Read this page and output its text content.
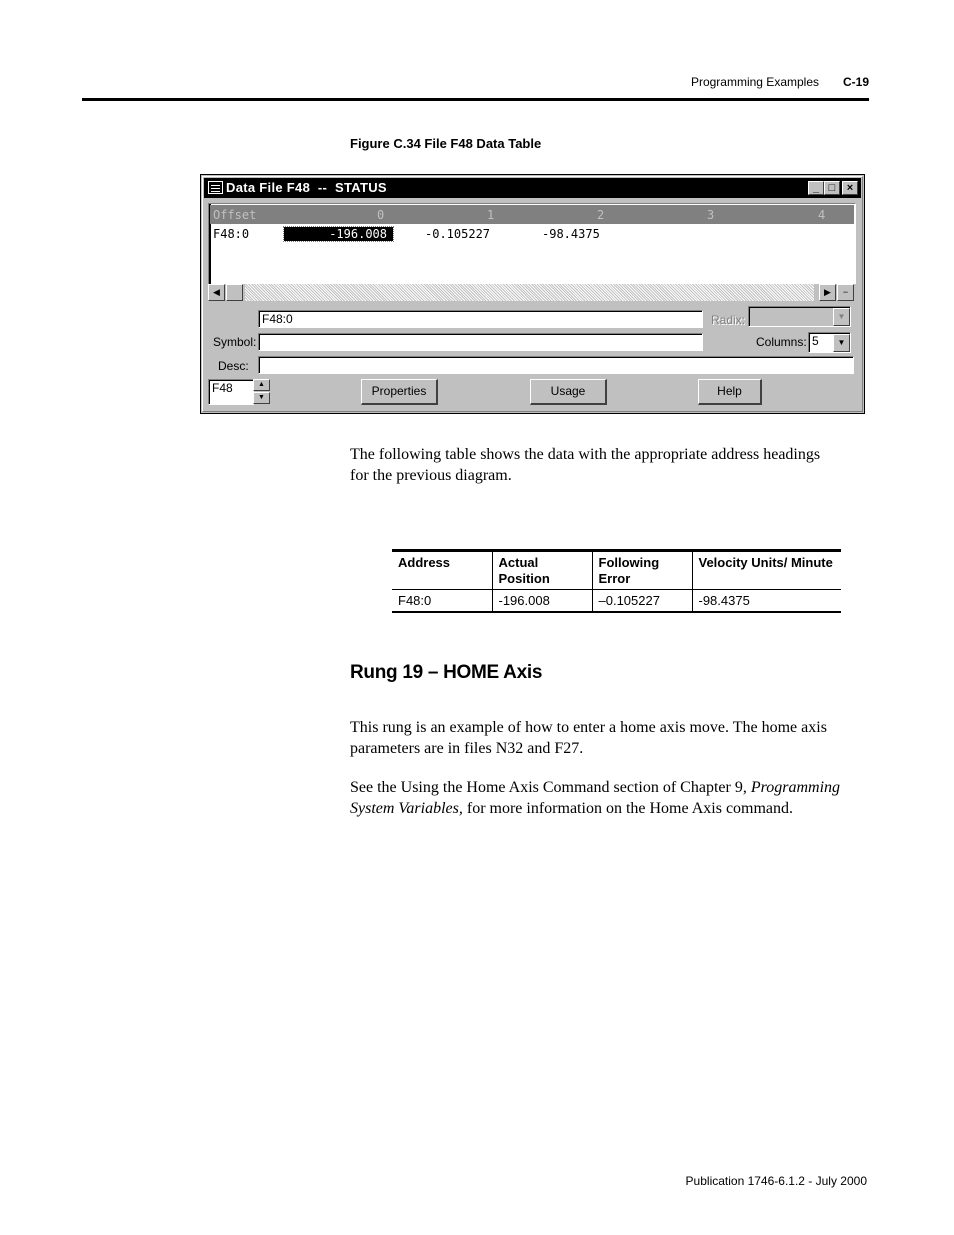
Programming Examples C-19
Figure C.34 File F48 Data Table
Data File F48  --  STATUS	_ □	×
Offset	0	1	2	3	4
F48:0	-196.008	-0.105227	-98.4375
◀	▶	−
F48:0	Radix:	▼
Symbol:	Columns: 5	▼
Desc:
F48	▲
▼	Properties	Usage	Help
The following table shows the data with the appropriate address headings for the previous diagram.
Address	Actual Position	Following Error	Velocity Units/ Minute
F48:0	-196.008	–0.105227	-98.4375
Rung 19 – HOME Axis
This rung is an example of how to enter a home axis move. The home axis parameters are in files N32 and F27.
See the Using the Home Axis Command section of Chapter 9, Programming System Variables, for more information on the Home Axis command.
Publication 1746-6.1.2 - July 2000
